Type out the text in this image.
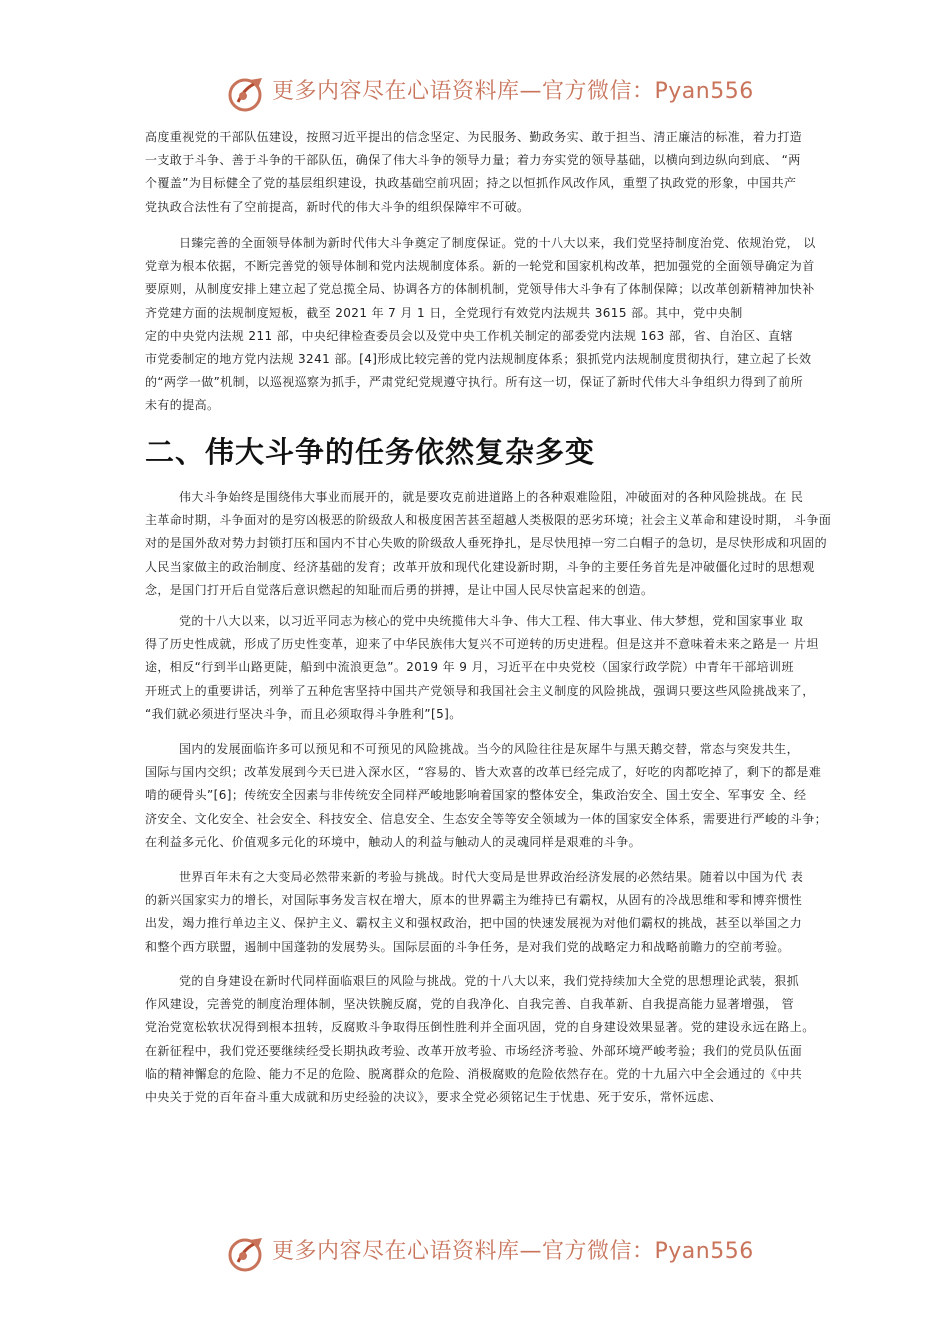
更多内容尽在心语资料库—官方微信：Pyan556
高度重视党的干部队伍建设，按照习近平提出的信念坚定、为民服务、勤政务实、敢于担当、清正廉洁的标准，着力打造
一支敢于斗争、善于斗争的干部队伍，确保了伟大斗争的领导力量；着力夯实党的领导基础，以横向到边纵向到底、 “两
个覆盖”为目标健全了党的基层组织建设，执政基础空前巩固；持之以恒抓作风改作风，重塑了执政党的形象，中国共产
党执政合法性有了空前提高，新时代的伟大斗争的组织保障牢不可破。
日臻完善的全面领导体制为新时代伟大斗争奠定了制度保证。党的十八大以来，我们党坚持制度治党、依规治党， 以
党章为根本依据，不断完善党的领导体制和党内法规制度体系。新的一轮党和国家机构改革，把加强党的全面领导确定为首
要原则，从制度安排上建立起了党总揽全局、协调各方的体制机制，党领导伟大斗争有了体制保障；以改革创新精神加快补
齐党建方面的法规制度短板，截至 2021 年 7 月 1 日，全党现行有效党内法规共 3615 部。其中，党中央制
定的中央党内法规 211 部，中央纪律检查委员会以及党中央工作机关制定的部委党内法规 163 部，省、自治区、直辖
市党委制定的地方党内法规 3241 部。[4]形成比较完善的党内法规制度体系；狠抓党内法规制度贯彻执行，建立起了长效
的“两学一做”机制，以巡视巡察为抓手，严肃党纪党规遵守执行。所有这一切，保证了新时代伟大斗争组织力得到了前所
未有的提高。
二、伟大斗争的任务依然复杂多变
伟大斗争始终是围绕伟大事业而展开的，就是要攻克前进道路上的各种艰难险阻，冲破面对的各种风险挑战。在 民
主革命时期，斗争面对的是穷凶极恶的阶级敌人和极度困苦甚至超越人类极限的恶劣环境；社会主义革命和建设时期， 斗争面
对的是国外敌对势力封锁打压和国内不甘心失败的阶级敌人垂死挣扎，是尽快甩掉一穷二白帽子的急切，是尽快形成和巩固的
人民当家做主的政治制度、经济基础的发育；改革开放和现代化建设新时期，斗争的主要任务首先是冲破僵化过时的思想观
念，是国门打开后自觉落后意识燃起的知耻而后勇的拼搏，是让中国人民尽快富起来的创造。
党的十八大以来，以习近平同志为核心的党中央统揽伟大斗争、伟大工程、伟大事业、伟大梦想，党和国家事业 取
得了历史性成就，形成了历史性变革，迎来了中华民族伟大复兴不可逆转的历史进程。但是这并不意味着未来之路是一 片坦
途，相反“行到半山路更陡，船到中流浪更急”。2019 年 9 月，习近平在中央党校（国家行政学院）中青年干部培训班
开班式上的重要讲话，列举了五种危害坚持中国共产党领导和我国社会主义制度的风险挑战，强调只要这些风险挑战来了，
“我们就必须进行坚决斗争，而且必须取得斗争胜利”[5]。
国内的发展面临许多可以预见和不可预见的风险挑战。当今的风险往往是灰犀牛与黑天鹅交替，常态与突发共生，
国际与国内交织；改革发展到今天已进入深水区，“容易的、皆大欢喜的改革已经完成了，好吃的肉都吃掉了，剩下的都是难
啃的硬骨头”[6]；传统安全因素与非传统安全同样严峻地影响着国家的整体安全，集政治安全、国土安全、军事安 全、经
济安全、文化安全、社会安全、科技安全、信息安全、生态安全等等安全领域为一体的国家安全体系，需要进行严峻的斗争；
在利益多元化、价值观多元化的环境中，触动人的利益与触动人的灵魂同样是艰难的斗争。
世界百年未有之大变局必然带来新的考验与挑战。时代大变局是世界政治经济发展的必然结果。随着以中国为代 表
的新兴国家实力的增长，对国际事务发言权在增大，原本的世界霸主为维持已有霸权，从固有的冷战思维和零和博弈惯性
出发，竭力推行单边主义、保护主义、霸权主义和强权政治，把中国的快速发展视为对他们霸权的挑战，甚至以举国之力
和整个西方联盟，遏制中国蓬勃的发展势头。国际层面的斗争任务，是对我们党的战略定力和战略前瞻力的空前考验。
党的自身建设在新时代同样面临艰巨的风险与挑战。党的十八大以来，我们党持续加大全党的思想理论武装，狠抓
作风建设，完善党的制度治理体制，坚决铁腕反腐，党的自我净化、自我完善、自我革新、自我提高能力显著增强， 管
党治党宽松软状况得到根本扭转，反腐败斗争取得压倒性胜利并全面巩固，党的自身建设效果显著。党的建设永远在路上。
在新征程中，我们党还要继续经受长期执政考验、改革开放考验、市场经济考验、外部环境严峻考验；我们的党员队伍面
临的精神懈怠的危险、能力不足的危险、脱离群众的危险、消极腐败的危险依然存在。党的十九届六中全会通过的《中共
中央关于党的百年奋斗重大成就和历史经验的决议》，要求全党必须铭记生于忧患、死于安乐，常怀远虑、
更多内容尽在心语资料库—官方微信：Pyan556
